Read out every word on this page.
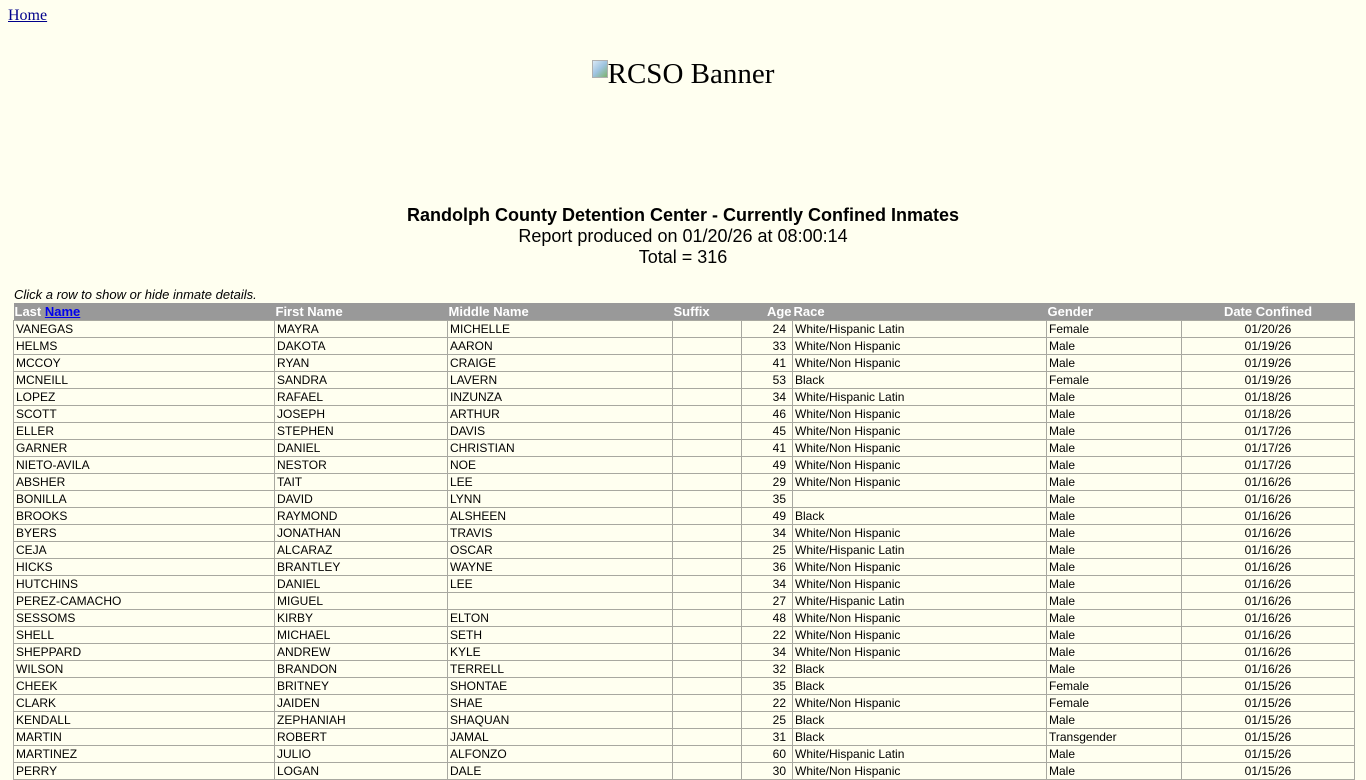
Home
RCSO Banner
Randolph County Detention Center - Currently Confined Inmates
Report produced on 01/20/26 at 08:00:14
Total = 316
Click a row to show or hide inmate details.
Last Name	First Name	Middle Name	Suffix	Age	Race	Gender	Date Confined
VANEGAS	MAYRA	MICHELLE		24	White/Hispanic Latin	Female	01/20/26
HELMS	DAKOTA	AARON		33	White/Non Hispanic	Male	01/19/26
MCCOY	RYAN	CRAIGE		41	White/Non Hispanic	Male	01/19/26
MCNEILL	SANDRA	LAVERN		53	Black	Female	01/19/26
LOPEZ	RAFAEL	INZUNZA		34	White/Hispanic Latin	Male	01/18/26
SCOTT	JOSEPH	ARTHUR		46	White/Non Hispanic	Male	01/18/26
ELLER	STEPHEN	DAVIS		45	White/Non Hispanic	Male	01/17/26
GARNER	DANIEL	CHRISTIAN		41	White/Non Hispanic	Male	01/17/26
NIETO-AVILA	NESTOR	NOE		49	White/Non Hispanic	Male	01/17/26
ABSHER	TAIT	LEE		29	White/Non Hispanic	Male	01/16/26
BONILLA	DAVID	LYNN		35		Male	01/16/26
BROOKS	RAYMOND	ALSHEEN		49	Black	Male	01/16/26
BYERS	JONATHAN	TRAVIS		34	White/Non Hispanic	Male	01/16/26
CEJA	ALCARAZ	OSCAR		25	White/Hispanic Latin	Male	01/16/26
HICKS	BRANTLEY	WAYNE		36	White/Non Hispanic	Male	01/16/26
HUTCHINS	DANIEL	LEE		34	White/Non Hispanic	Male	01/16/26
PEREZ-CAMACHO	MIGUEL			27	White/Hispanic Latin	Male	01/16/26
SESSOMS	KIRBY	ELTON		48	White/Non Hispanic	Male	01/16/26
SHELL	MICHAEL	SETH		22	White/Non Hispanic	Male	01/16/26
SHEPPARD	ANDREW	KYLE		34	White/Non Hispanic	Male	01/16/26
WILSON	BRANDON	TERRELL		32	Black	Male	01/16/26
CHEEK	BRITNEY	SHONTAE		35	Black	Female	01/15/26
CLARK	JAIDEN	SHAE		22	White/Non Hispanic	Female	01/15/26
KENDALL	ZEPHANIAH	SHAQUAN		25	Black	Male	01/15/26
MARTIN	ROBERT	JAMAL		31	Black	Transgender	01/15/26
MARTINEZ	JULIO	ALFONZO		60	White/Hispanic Latin	Male	01/15/26
PERRY	LOGAN	DALE		30	White/Non Hispanic	Male	01/15/26
